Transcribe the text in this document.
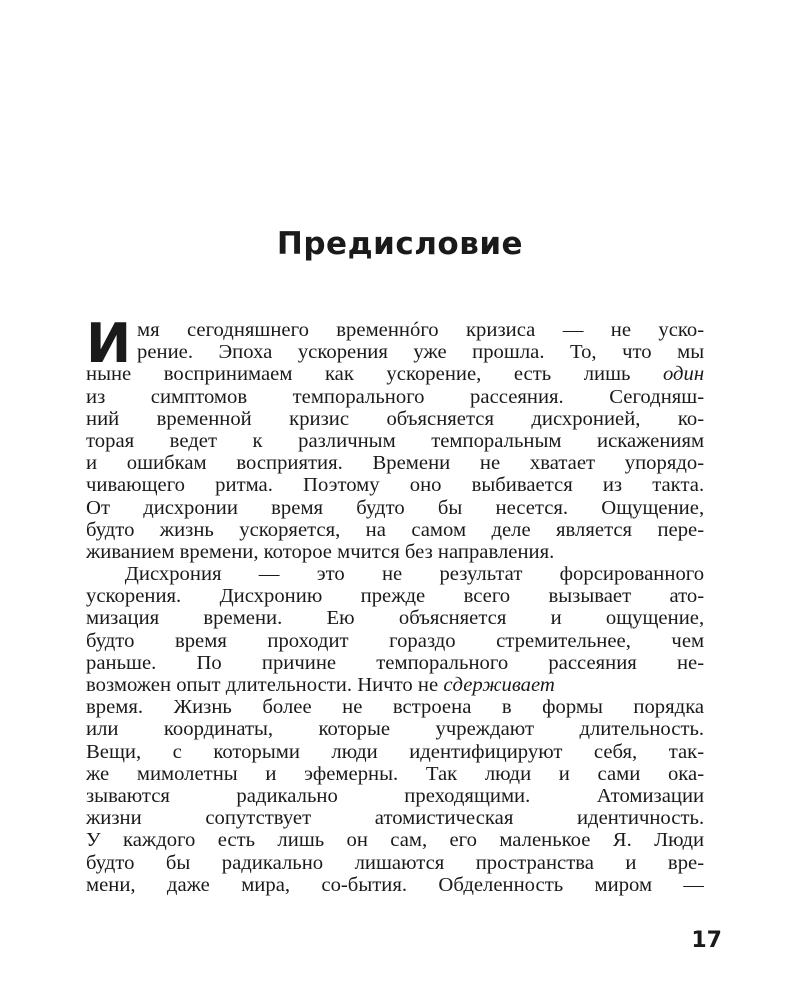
Предисловие
И мя сегодняшнего временнóго кризиса — не уско-
рение. Эпоха ускорения уже прошла. То, что мы
ныне воспринимаем как ускорение, есть лишь один
из симптомов темпорального рассеяния. Сегодняш-
ний временной кризис объясняется дисхронией, ко-
торая ведет к различным темпоральным искажениям
и ошибкам восприятия. Времени не хватает упорядо-
чивающего ритма. Поэтому оно выбивается из такта.
От дисхронии время будто бы несется. Ощущение,
будто жизнь ускоряется, на самом деле является пере-
живанием времени, которое мчится без направления.
Дисхрония — это не результат форсированного
ускорения. Дисхронию прежде всего вызывает ато-
мизация времени. Ею объясняется и ощущение,
будто время проходит гораздо стремительнее, чем
раньше. По причине темпорального рассеяния не-
возможен опыт длительности. Ничто не сдерживает
время. Жизнь более не встроена в формы порядка
или координаты, которые учреждают длительность.
Вещи, с которыми люди идентифицируют себя, так-
же мимолетны и эфемерны. Так люди и сами ока-
зываются радикально преходящими. Атомизации
жизни сопутствует атомистическая идентичность.
У каждого есть лишь он сам, его маленькое Я. Люди
будто бы радикально лишаются пространства и вре-
мени, даже мира, со-бытия. Обделенность миром —
17
